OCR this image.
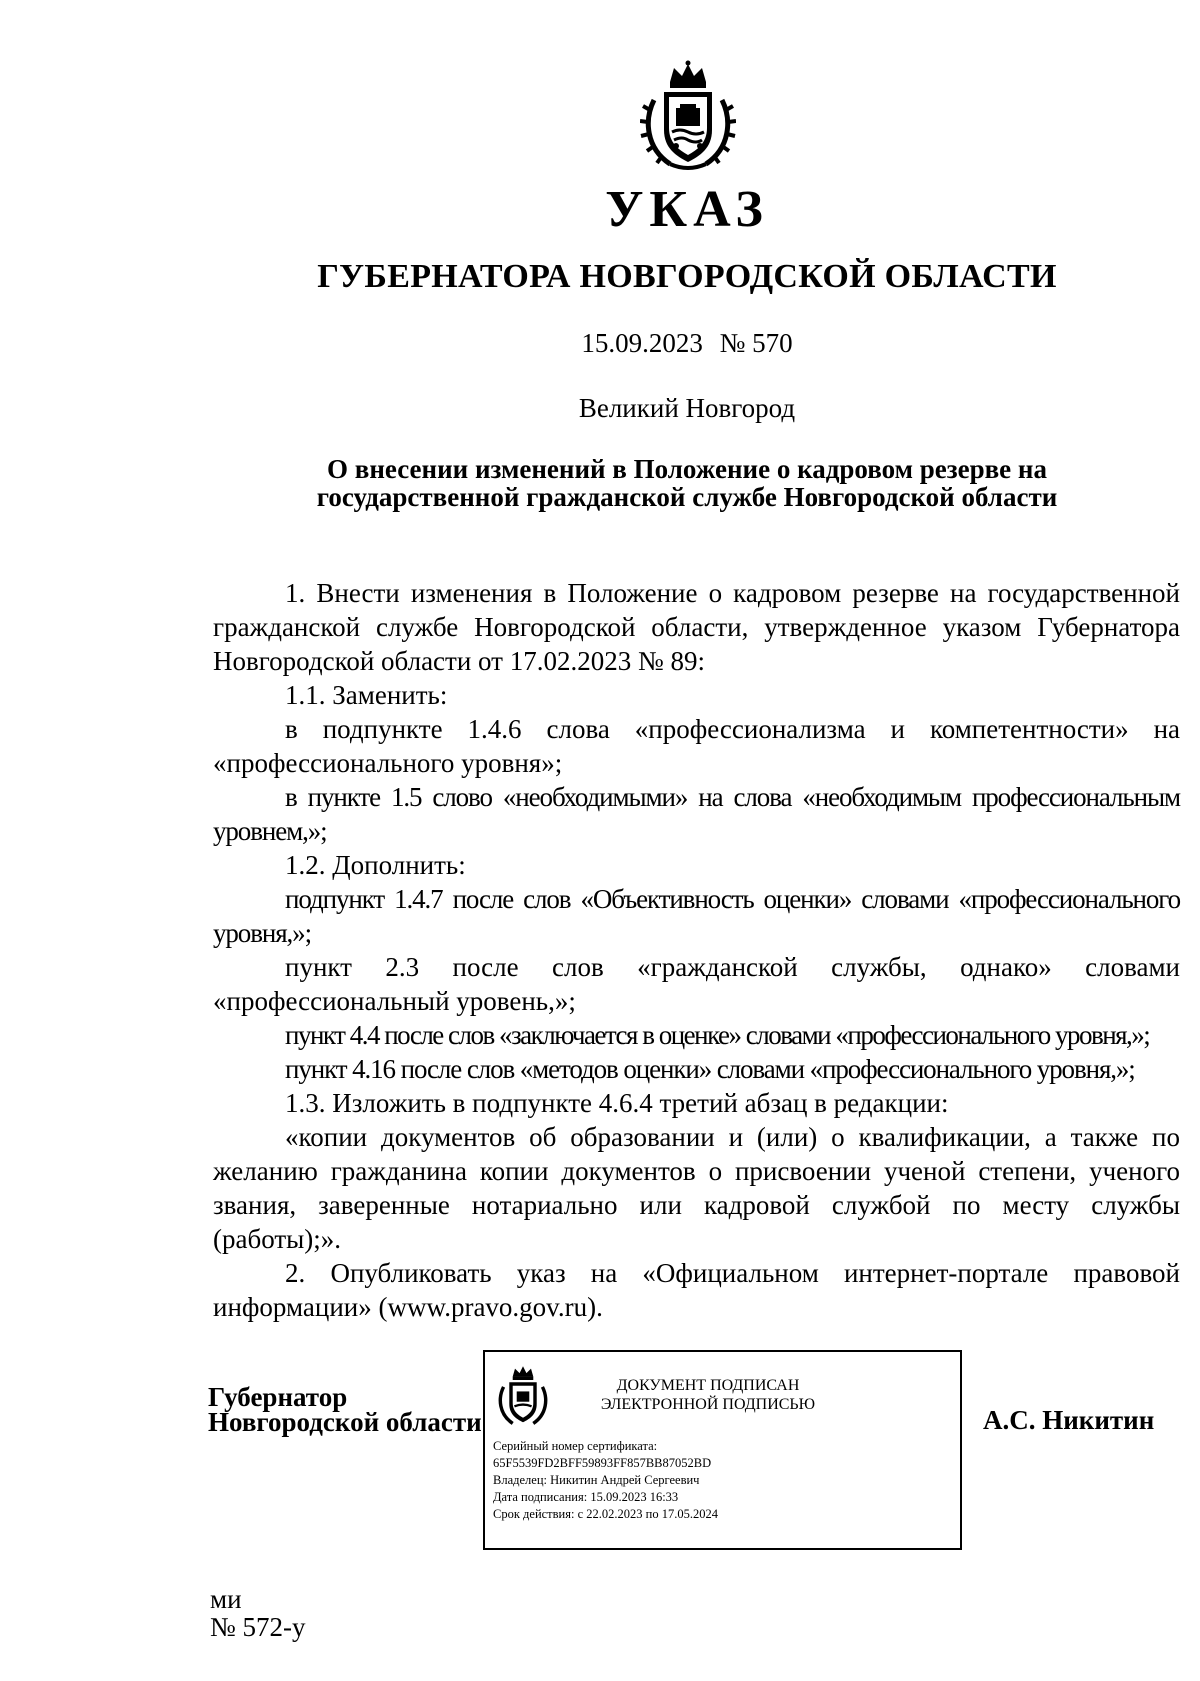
УКАЗ
ГУБЕРНАТОРА НОВГОРОДСКОЙ ОБЛАСТИ
15.09.2023 № 570
Великий Новгород
О внесении изменений в Положение о кадровом резерве на
государственной гражданской службе Новгородской области

1. Внести изменения в Положение о кадровом резерве на государственной гражданской службе Новгородской области, утвержденное указом Губернатора Новгородской области от 17.02.2023 № 89:

1.1. Заменить:

в подпункте 1.4.6 слова «профессионализма и компетентности» на «профессионального уровня»;

в пункте 1.5 слово «необходимыми» на слова «необходимым профессиональным уровнем,»;

1.2. Дополнить:

подпункт 1.4.7 после слов «Объективность оценки» словами «профессионального уровня,»;

пункт 2.3 после слов «гражданской службы, однако» словами «профессиональный уровень,»;

пункт 4.4 после слов «заключается в оценке» словами «профессионального уровня,»;

пункт 4.16 после слов «методов оценки» словами «профессионального уровня,»;

1.3. Изложить в подпункте 4.6.4 третий абзац в редакции:

«копии документов об образовании и (или) о квалификации, а также по желанию гражданина копии документов о присвоении ученой степени, ученого звания, заверенные нотариально или кадровой службой по месту службы (работы);».

2. Опубликовать указ на «Официальном интернет-портале правовой информации» (www.pravo.gov.ru).

Губернатор
Новгородской области
ДОКУМЕНТ ПОДПИСАН
ЭЛЕКТРОННОЙ ПОДПИСЬЮ
Серийный номер сертификата:
65F5539FD2BFF59893FF857BB87052BD
Владелец: Никитин Андрей Сергеевич
Дата подписания: 15.09.2023 16:33
Срок действия: с 22.02.2023 по 17.05.2024
А.С. Никитин
ми
№ 572-у
